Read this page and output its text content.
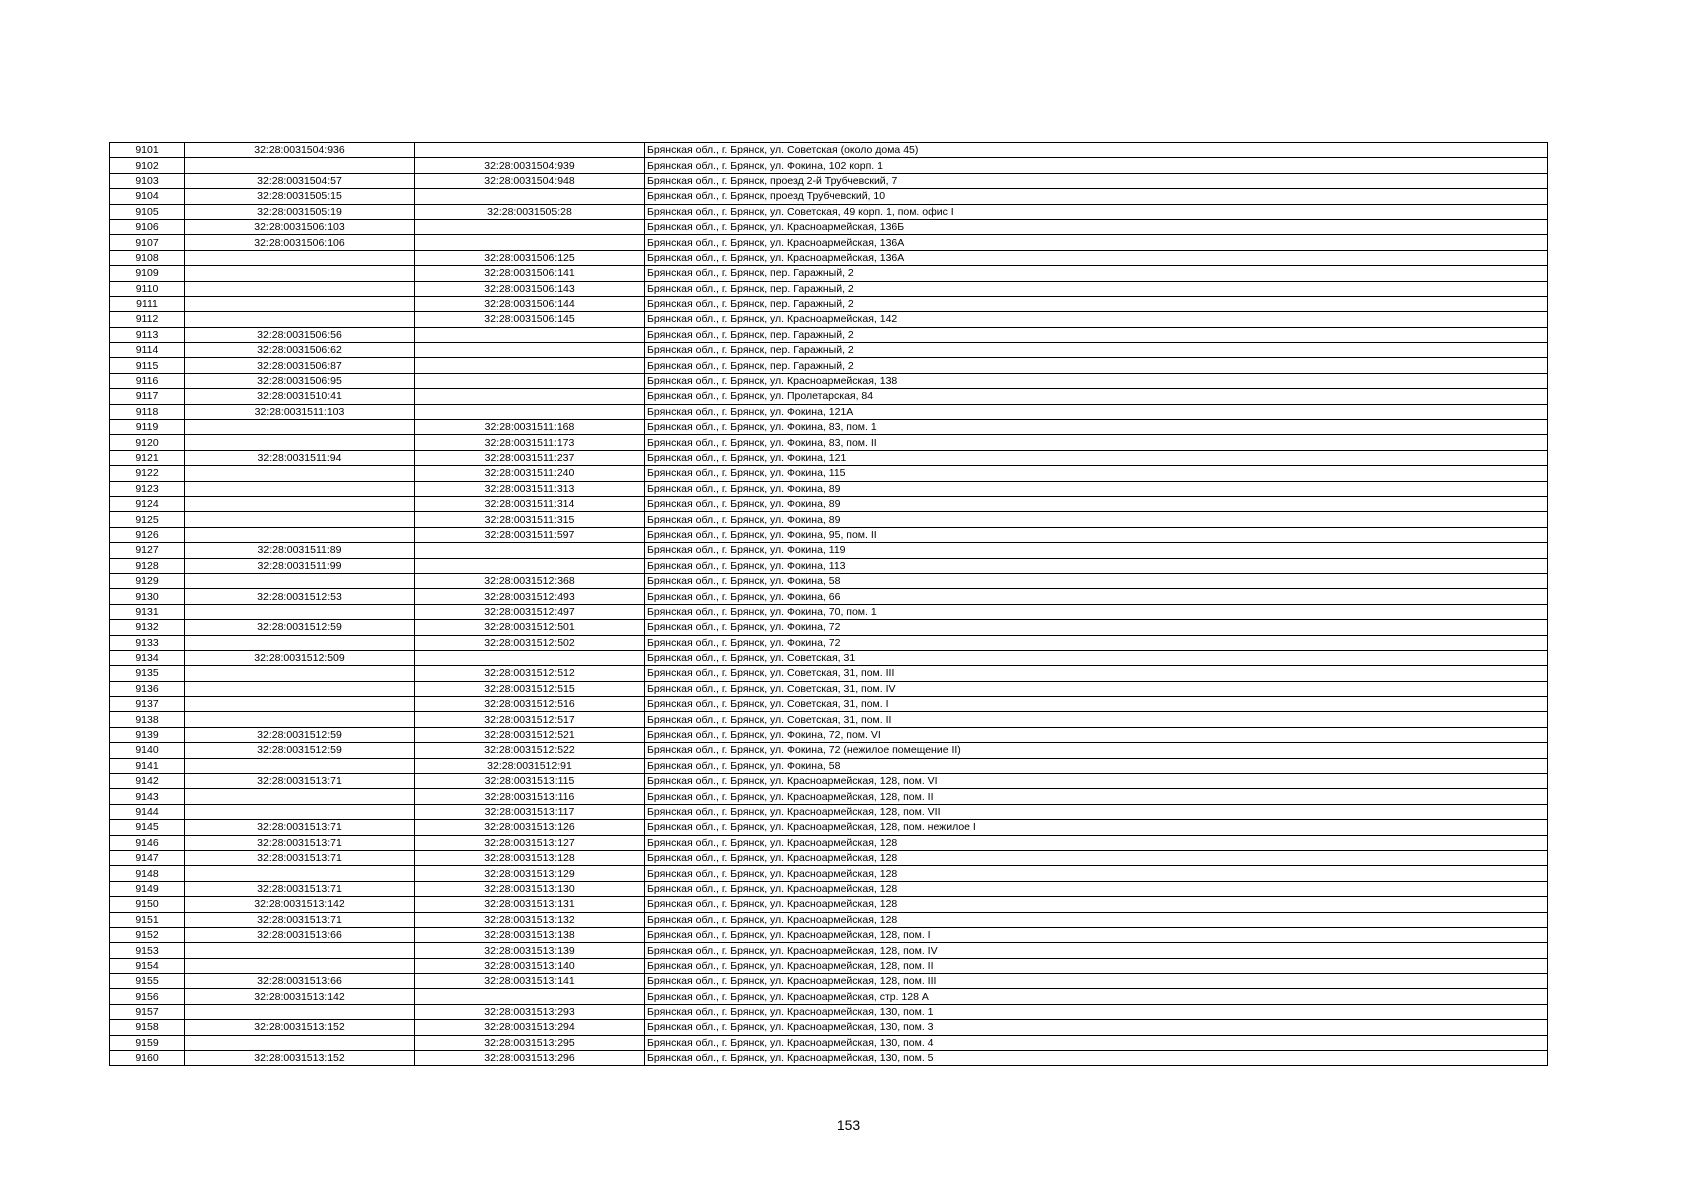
9101	32:28:0031504:936		Брянская обл., г. Брянск, ул. Советская (около дома 45)
9102		32:28:0031504:939	Брянская обл., г. Брянск, ул. Фокина, 102 корп. 1
9103	32:28:0031504:57	32:28:0031504:948	Брянская обл., г. Брянск, проезд 2-й Трубчевский, 7
9104	32:28:0031505:15		Брянская обл., г. Брянск, проезд Трубчевский, 10
9105	32:28:0031505:19	32:28:0031505:28	Брянская обл., г. Брянск, ул. Советская, 49 корп. 1, пом. офис I
9106	32:28:0031506:103		Брянская обл., г. Брянск, ул. Красноармейская, 136Б
9107	32:28:0031506:106		Брянская обл., г. Брянск, ул. Красноармейская, 136А
9108		32:28:0031506:125	Брянская обл., г. Брянск, ул. Красноармейская, 136А
9109		32:28:0031506:141	Брянская обл., г. Брянск, пер. Гаражный, 2
9110		32:28:0031506:143	Брянская обл., г. Брянск, пер. Гаражный, 2
9111		32:28:0031506:144	Брянская обл., г. Брянск, пер. Гаражный, 2
9112		32:28:0031506:145	Брянская обл., г. Брянск, ул. Красноармейская, 142
9113	32:28:0031506:56		Брянская обл., г. Брянск, пер. Гаражный, 2
9114	32:28:0031506:62		Брянская обл., г. Брянск, пер. Гаражный, 2
9115	32:28:0031506:87		Брянская обл., г. Брянск, пер. Гаражный, 2
9116	32:28:0031506:95		Брянская обл., г. Брянск, ул. Красноармейская, 138
9117	32:28:0031510:41		Брянская обл., г. Брянск, ул. Пролетарская, 84
9118	32:28:0031511:103		Брянская обл., г. Брянск, ул. Фокина, 121А
9119		32:28:0031511:168	Брянская обл., г. Брянск, ул. Фокина, 83, пом. 1
9120		32:28:0031511:173	Брянская обл., г. Брянск, ул. Фокина, 83, пом. II
9121	32:28:0031511:94	32:28:0031511:237	Брянская обл., г. Брянск, ул. Фокина, 121
9122		32:28:0031511:240	Брянская обл., г. Брянск, ул. Фокина, 115
9123		32:28:0031511:313	Брянская обл., г. Брянск, ул. Фокина, 89
9124		32:28:0031511:314	Брянская обл., г. Брянск, ул. Фокина, 89
9125		32:28:0031511:315	Брянская обл., г. Брянск, ул. Фокина, 89
9126		32:28:0031511:597	Брянская обл., г. Брянск, ул. Фокина, 95, пом. II
9127	32:28:0031511:89		Брянская обл., г. Брянск, ул. Фокина, 119
9128	32:28:0031511:99		Брянская обл., г. Брянск, ул. Фокина, 113
9129		32:28:0031512:368	Брянская обл., г. Брянск, ул. Фокина, 58
9130	32:28:0031512:53	32:28:0031512:493	Брянская обл., г. Брянск, ул. Фокина, 66
9131		32:28:0031512:497	Брянская обл., г. Брянск, ул. Фокина, 70, пом. 1
9132	32:28:0031512:59	32:28:0031512:501	Брянская обл., г. Брянск, ул. Фокина, 72
9133		32:28:0031512:502	Брянская обл., г. Брянск, ул. Фокина, 72
9134	32:28:0031512:509		Брянская обл., г. Брянск, ул. Советская, 31
9135		32:28:0031512:512	Брянская обл., г. Брянск, ул. Советская, 31, пом. III
9136		32:28:0031512:515	Брянская обл., г. Брянск, ул. Советская, 31, пом. IV
9137		32:28:0031512:516	Брянская обл., г. Брянск, ул. Советская, 31, пом. I
9138		32:28:0031512:517	Брянская обл., г. Брянск, ул. Советская, 31, пом. II
9139	32:28:0031512:59	32:28:0031512:521	Брянская обл., г. Брянск, ул. Фокина, 72, пом. VI
9140	32:28:0031512:59	32:28:0031512:522	Брянская обл., г. Брянск, ул. Фокина, 72 (нежилое помещение II)
9141		32:28:0031512:91	Брянская обл., г. Брянск, ул. Фокина, 58
9142	32:28:0031513:71	32:28:0031513:115	Брянская обл., г. Брянск, ул. Красноармейская, 128, пом. VI
9143		32:28:0031513:116	Брянская обл., г. Брянск, ул. Красноармейская, 128, пом. II
9144		32:28:0031513:117	Брянская обл., г. Брянск, ул. Красноармейская, 128, пом. VII
9145	32:28:0031513:71	32:28:0031513:126	Брянская обл., г. Брянск, ул. Красноармейская, 128, пом. нежилое I
9146	32:28:0031513:71	32:28:0031513:127	Брянская обл., г. Брянск, ул. Красноармейская, 128
9147	32:28:0031513:71	32:28:0031513:128	Брянская обл., г. Брянск, ул. Красноармейская, 128
9148		32:28:0031513:129	Брянская обл., г. Брянск, ул. Красноармейская, 128
9149	32:28:0031513:71	32:28:0031513:130	Брянская обл., г. Брянск, ул. Красноармейская, 128
9150	32:28:0031513:142	32:28:0031513:131	Брянская обл., г. Брянск, ул. Красноармейская, 128
9151	32:28:0031513:71	32:28:0031513:132	Брянская обл., г. Брянск, ул. Красноармейская, 128
9152	32:28:0031513:66	32:28:0031513:138	Брянская обл., г. Брянск, ул. Красноармейская, 128, пом. I
9153		32:28:0031513:139	Брянская обл., г. Брянск, ул. Красноармейская, 128, пом. IV
9154		32:28:0031513:140	Брянская обл., г. Брянск, ул. Красноармейская, 128, пом. II
9155	32:28:0031513:66	32:28:0031513:141	Брянская обл., г. Брянск, ул. Красноармейская, 128, пом. III
9156	32:28:0031513:142		Брянская обл., г. Брянск, ул. Красноармейская, стр. 128 А
9157		32:28:0031513:293	Брянская обл., г. Брянск, ул. Красноармейская, 130, пом. 1
9158	32:28:0031513:152	32:28:0031513:294	Брянская обл., г. Брянск, ул. Красноармейская, 130, пом. 3
9159		32:28:0031513:295	Брянская обл., г. Брянск, ул. Красноармейская, 130, пом. 4
9160	32:28:0031513:152	32:28:0031513:296	Брянская обл., г. Брянск, ул. Красноармейская, 130, пом. 5
153
